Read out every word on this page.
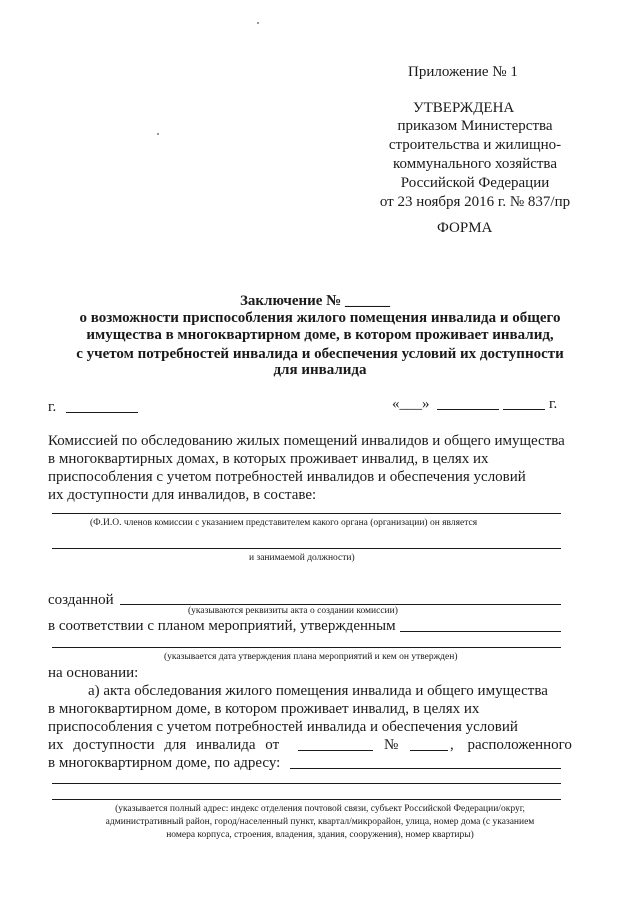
Приложение № 1
УТВЕРЖДЕНА
приказом Министерства
строительства и жилищно-
коммунального хозяйства
Российской Федерации
от 23 ноября 2016 г. № 837/пр
ФОРМА
Заключение № ______
о возможности приспособления жилого помещения инвалида и общего
имущества в многоквартирном доме, в котором проживает инвалид,
с учетом потребностей инвалида и обеспечения условий их доступности
для инвалида
г.	«___»	г.
Комиссией по обследованию жилых помещений инвалидов и общего имущества
в многоквартирных домах, в которых проживает инвалид, в целях их
приспособления с учетом потребностей инвалидов и обеспечения условий
их доступности для инвалидов, в составе:
(Ф.И.О. членов комиссии с указанием представителем какого органа (организации) он является
и занимаемой должности)
созданной
(указываются реквизиты акта о создании комиссии)
в соответствии с планом мероприятий, утвержденным
(указывается дата утверждения плана мероприятий и кем он утвержден)
на основании:
а) акта обследования жилого помещения инвалида и общего имущества
в многоквартирном доме, в котором проживает инвалид, в целях их
приспособления с учетом потребностей инвалида и обеспечения условий
их доступности для инвалида от	№	, расположенного
в многоквартирном доме, по адресу:
(указывается полный адрес: индекс отделения почтовой связи, субъект Российской Федерации/округ,
административный район, город/населенный пункт, квартал/микрорайон, улица, номер дома (с указанием
номера корпуса, строения, владения, здания, сооружения), номер квартиры)
